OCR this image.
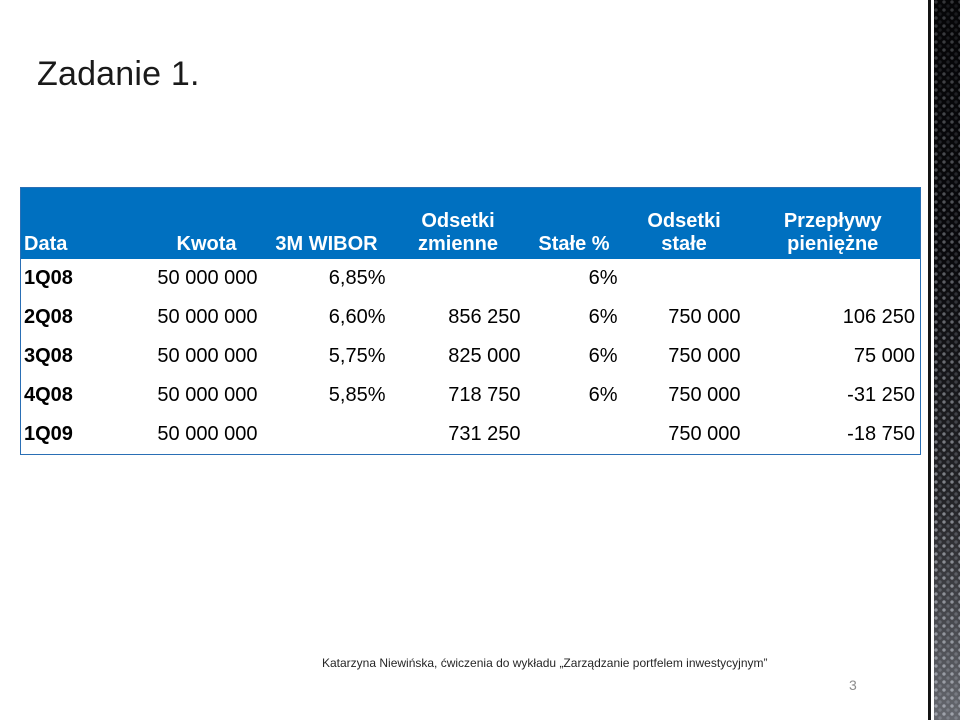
Zadanie 1.
Data	Kwota	3M WIBOR	Odsetki zmienne	Stałe %	Odsetki stałe	Przepływy pieniężne
1Q08	50 000 000	6,85%		6%		
2Q08	50 000 000	6,60%	856 250	6%	750 000	106 250
3Q08	50 000 000	5,75%	825 000	6%	750 000	75 000
4Q08	50 000 000	5,85%	718 750	6%	750 000	-31 250
1Q09	50 000 000		731 250		750 000	-18 750
Katarzyna Niewińska, ćwiczenia do wykładu „Zarządzanie portfelem inwestycyjnym”
3
